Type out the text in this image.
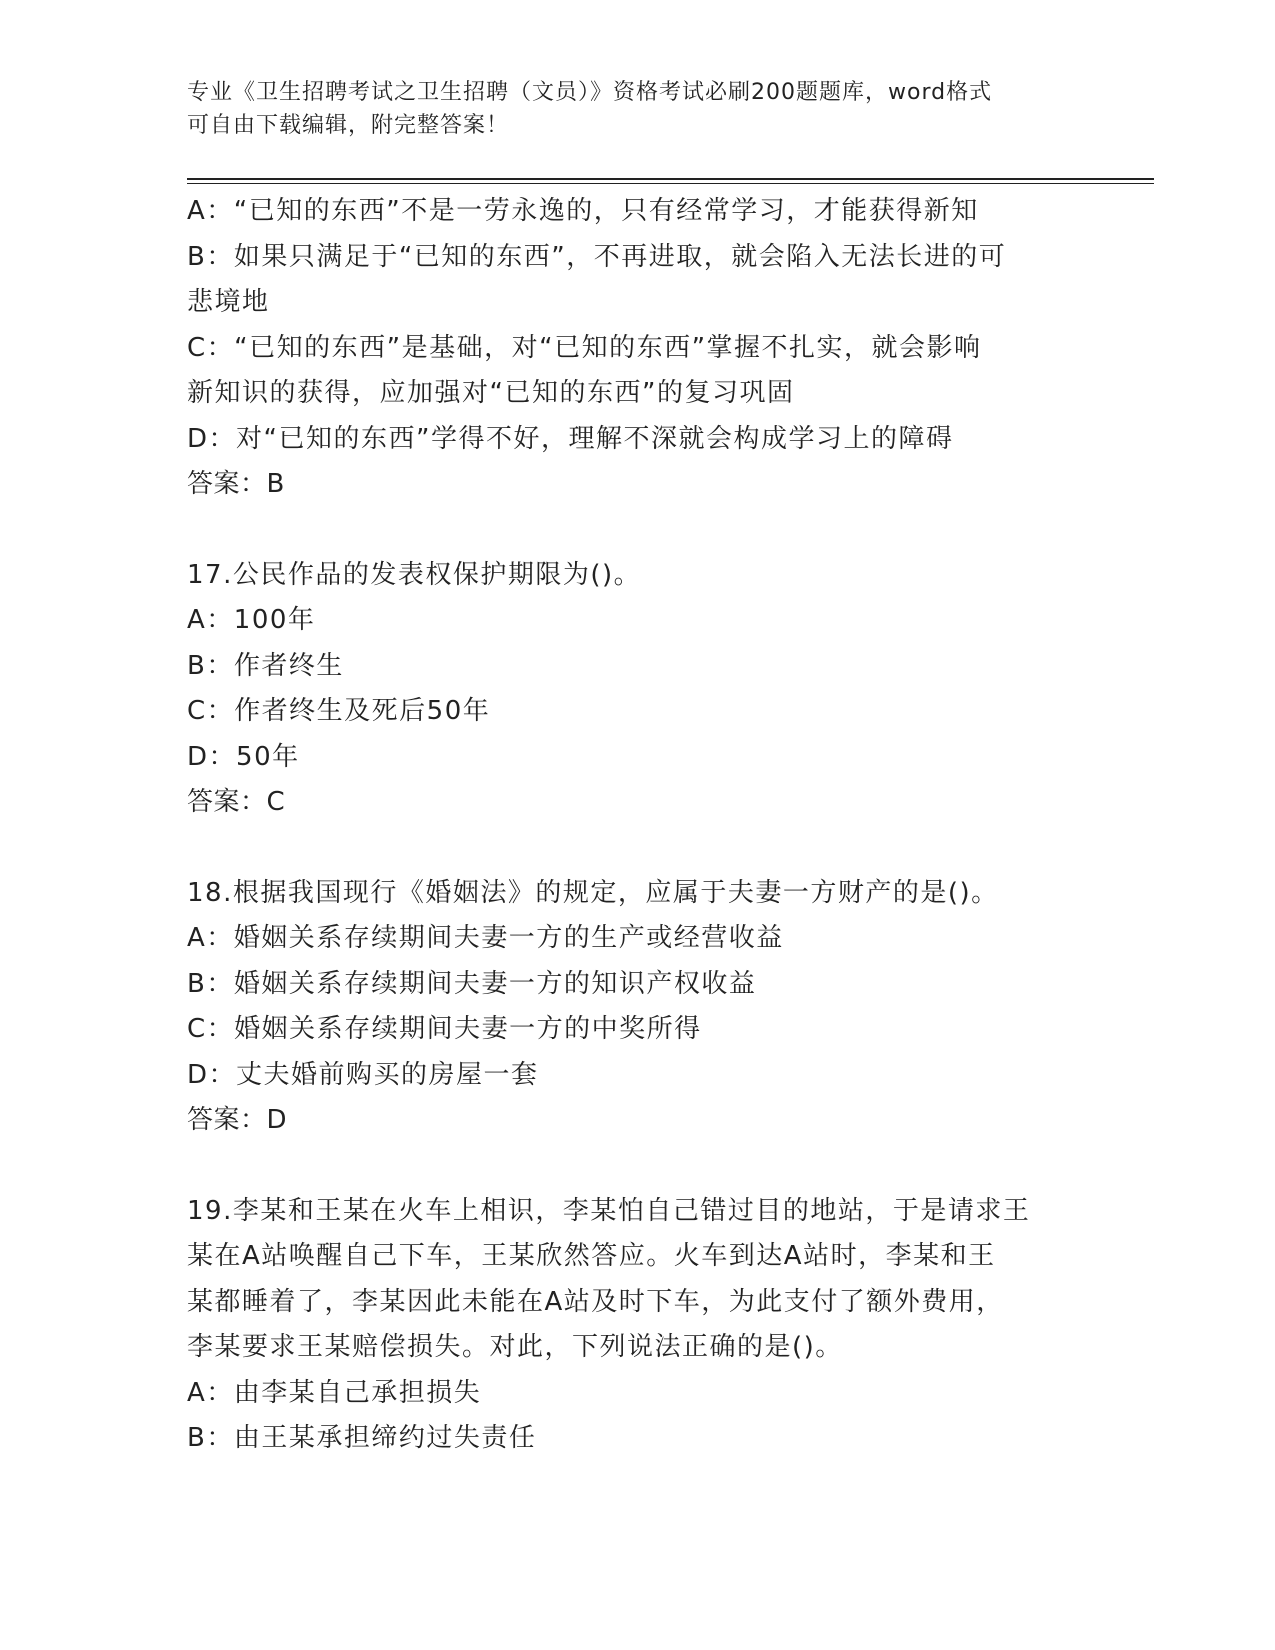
专业《卫生招聘考试之卫生招聘（文员）》资格考试必刷200题题库，word格式
可自由下载编辑，附完整答案！

A：“已知的东西”不是一劳永逸的，只有经常学习，才能获得新知

B：如果只满足于“已知的东西”，不再进取，就会陷入无法长进的可

悲境地

C：“已知的东西”是基础，对“已知的东西”掌握不扎实，就会影响

新知识的获得，应加强对“已知的东西”的复习巩固

D：对“已知的东西”学得不好，理解不深就会构成学习上的障碍

答案：B

17.公民作品的发表权保护期限为()。

A：100年

B：作者终生

C：作者终生及死后50年

D：50年

答案：C

18.根据我国现行《婚姻法》的规定，应属于夫妻一方财产的是()。

A：婚姻关系存续期间夫妻一方的生产或经营收益

B：婚姻关系存续期间夫妻一方的知识产权收益

C：婚姻关系存续期间夫妻一方的中奖所得

D：丈夫婚前购买的房屋一套

答案：D

19.李某和王某在火车上相识，李某怕自己错过目的地站，于是请求王

某在A站唤醒自己下车，王某欣然答应。火车到达A站时，李某和王

某都睡着了，李某因此未能在A站及时下车，为此支付了额外费用，

李某要求王某赔偿损失。对此，下列说法正确的是()。

A：由李某自己承担损失

B：由王某承担缔约过失责任
